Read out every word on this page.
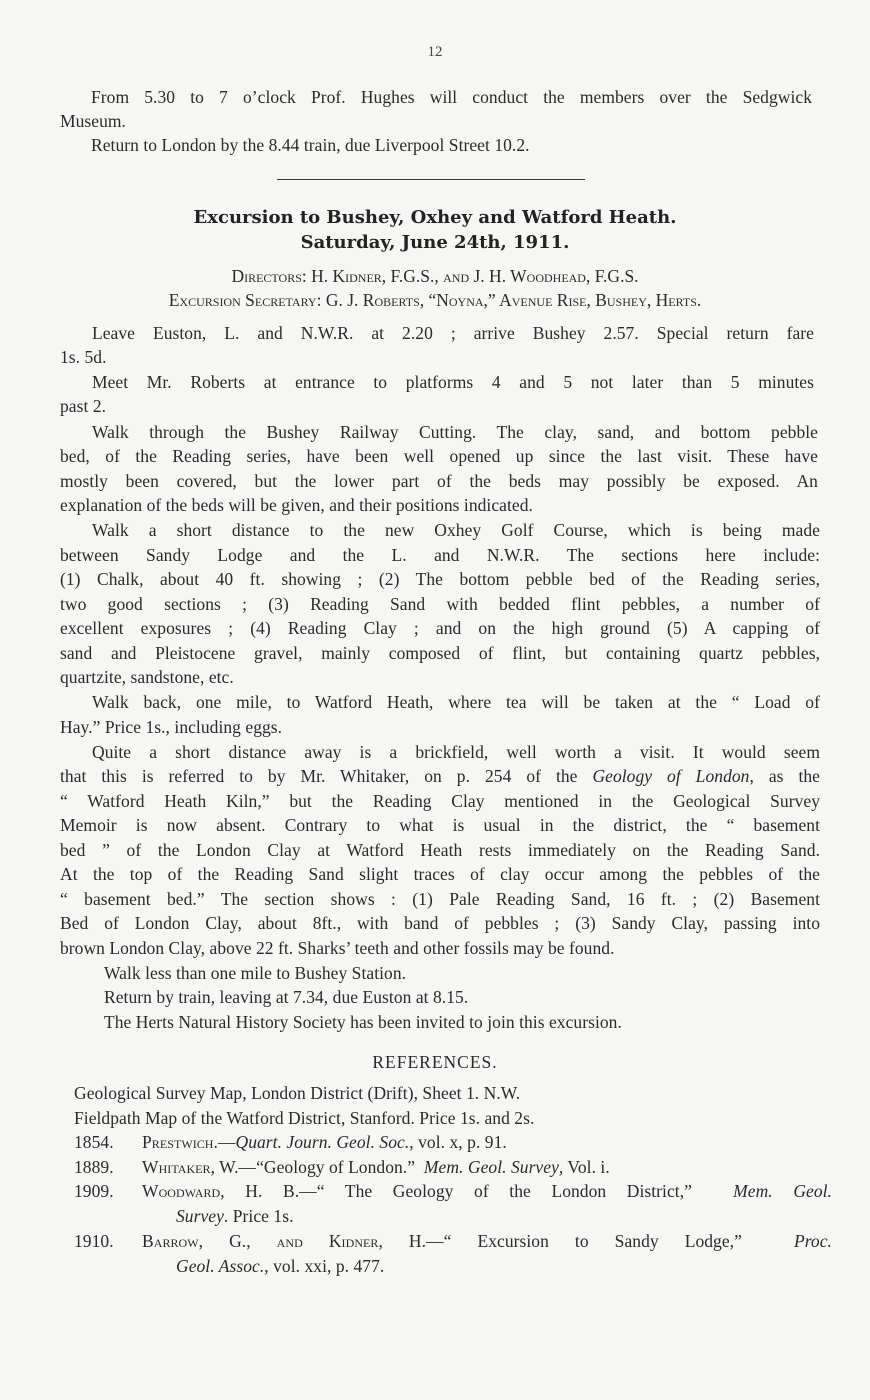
12
From 5.30 to 7 o’clock Prof. Hughes will conduct the members over the Sedgwick
Museum.
Return to London by the 8.44 train, due Liverpool Street 10.2.
Excursion to Bushey, Oxhey and Watford Heath.
Saturday, June 24th, 1911.
Directors: H. Kidner, F.G.S., and J. H. Woodhead, F.G.S.
Excursion Secretary: G. J. Roberts, “Noyna,” Avenue Rise, Bushey, Herts.
Leave Euston, L. and N.W.R. at 2.20 ; arrive Bushey 2.57. Special return fare
1s. 5d.
Meet Mr. Roberts at entrance to platforms 4 and 5 not later than 5 minutes
past 2.
Walk through the Bushey Railway Cutting. The clay, sand, and bottom pebble
bed, of the Reading series, have been well opened up since the last visit. These have
mostly been covered, but the lower part of the beds may possibly be exposed. An
explanation of the beds will be given, and their positions indicated.
Walk a short distance to the new Oxhey Golf Course, which is being made
between Sandy Lodge and the L. and N.W.R. The sections here include:
(1) Chalk, about 40 ft. showing ; (2) The bottom pebble bed of the Reading series,
two good sections ; (3) Reading Sand with bedded flint pebbles, a number of
excellent exposures ; (4) Reading Clay ; and on the high ground (5) A capping of
sand and Pleistocene gravel, mainly composed of flint, but containing quartz pebbles,
quartzite, sandstone, etc.
Walk back, one mile, to Watford Heath, where tea will be taken at the “ Load of
Hay.” Price 1s., including eggs.
Quite a short distance away is a brickfield, well worth a visit. It would seem
that this is referred to by Mr. Whitaker, on p. 254 of the Geology of London, as the
“ Watford Heath Kiln,” but the Reading Clay mentioned in the Geological Survey
Memoir is now absent. Contrary to what is usual in the district, the “ basement
bed ” of the London Clay at Watford Heath rests immediately on the Reading Sand.
At the top of the Reading Sand slight traces of clay occur among the pebbles of the
“ basement bed.” The section shows : (1) Pale Reading Sand, 16 ft. ; (2) Basement
Bed of London Clay, about 8ft., with band of pebbles ; (3) Sandy Clay, passing into
brown London Clay, above 22 ft. Sharks’ teeth and other fossils may be found.
Walk less than one mile to Bushey Station.
Return by train, leaving at 7.34, due Euston at 8.15.
The Herts Natural History Society has been invited to join this excursion.
REFERENCES.
Geological Survey Map, London District (Drift), Sheet 1. N.W.
Fieldpath Map of the Watford District, Stanford. Price 1s. and 2s.
1854. Prestwich.—Quart. Journ. Geol. Soc., vol. x, p. 91.
1889. Whitaker, W.—“Geology of London.” Mem. Geol. Survey, Vol. i.
1909. Woodward, H. B.—“ The Geology of the London District,” Mem. Geol.
Survey. Price 1s.
1910. Barrow, G., and Kidner, H.—“ Excursion to Sandy Lodge,”	Proc.
Geol. Assoc., vol. xxi, p. 477.
